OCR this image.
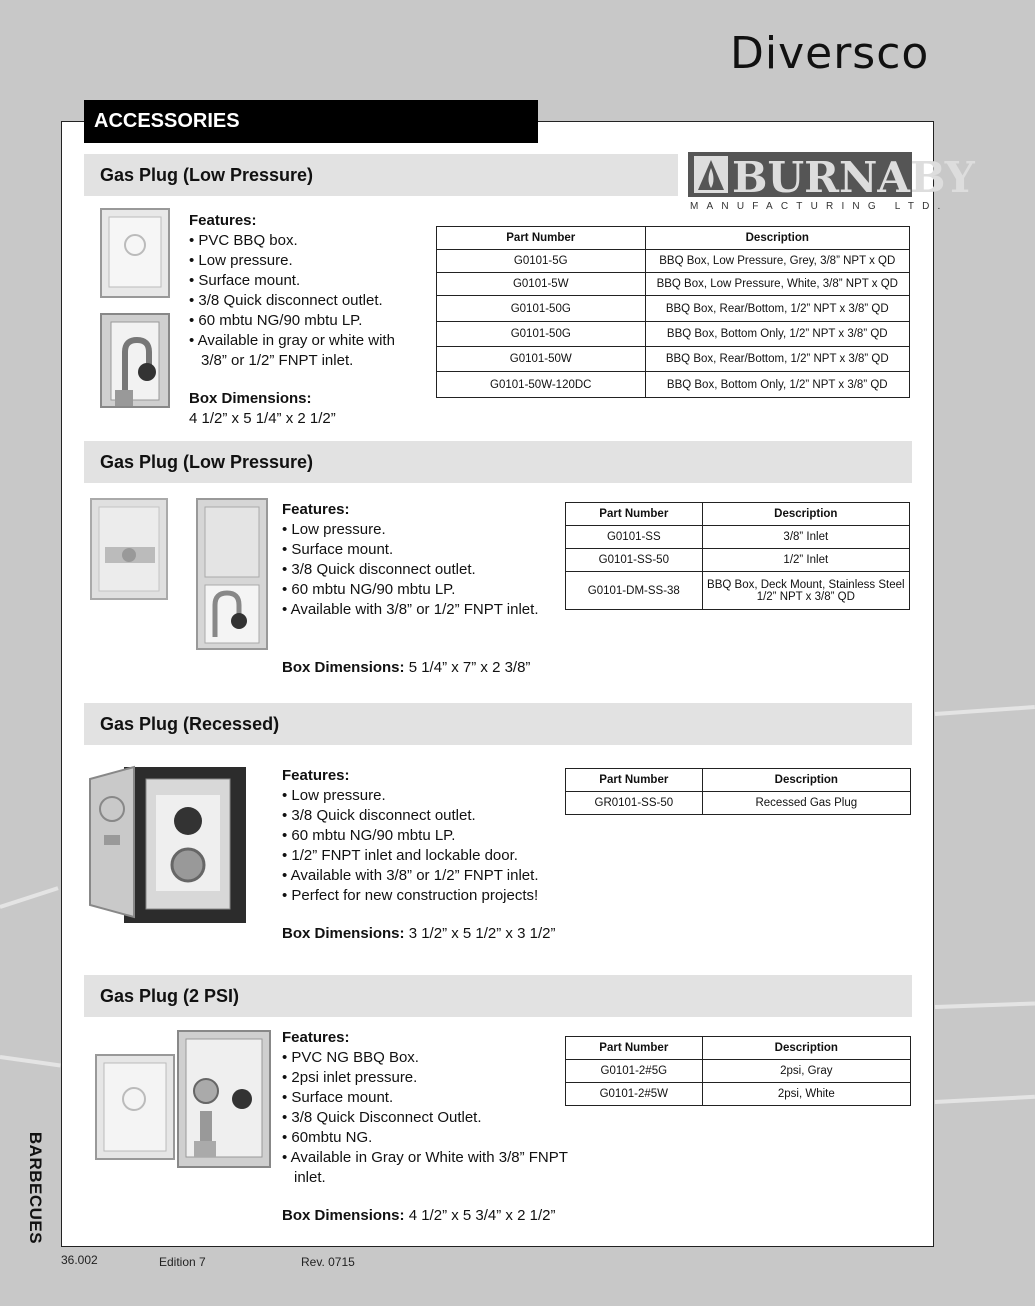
Diversco
ACCESSORIES
BURNABY
MANUFACTURING LTD.
Gas Plug (Low Pressure)
Features:
• PVC BBQ box.
• Low pressure.
• Surface mount.
• 3/8 Quick disconnect outlet.
• 60 mbtu NG/90 mbtu LP.
• Available in gray or white with 3/8” or 1/2” FNPT inlet.
Box Dimensions:
4 1/2” x 5 1/4” x 2 1/2”
Part Number	Description
G0101-5G	BBQ Box, Low Pressure, Grey, 3/8” NPT x QD
G0101-5W	BBQ Box, Low Pressure, White, 3/8” NPT x QD
G0101-50G	BBQ Box, Rear/Bottom, 1/2” NPT x 3/8” QD
G0101-50G	BBQ Box, Bottom Only, 1/2” NPT x 3/8” QD
G0101-50W	BBQ Box, Rear/Bottom, 1/2” NPT x 3/8” QD
G0101-50W-120DC	BBQ Box, Bottom Only, 1/2” NPT x 3/8” QD
Gas Plug (Low Pressure)
Features:
• Low pressure.
• Surface mount.
• 3/8 Quick disconnect outlet.
• 60 mbtu NG/90 mbtu LP.
• Available with 3/8” or 1/2” FNPT inlet.
Box Dimensions: 5 1/4” x 7” x 2 3/8”
Part Number	Description
G0101-SS	3/8” Inlet
G0101-SS-50	1/2” Inlet
G0101-DM-SS-38	BBQ Box, Deck Mount, Stainless Steel 1/2” NPT x 3/8” QD
Gas Plug (Recessed)
Features:
• Low pressure.
• 3/8 Quick disconnect outlet.
• 60 mbtu NG/90 mbtu LP.
• 1/2” FNPT inlet and lockable door.
• Available with 3/8” or 1/2” FNPT inlet.
• Perfect for new construction projects!
Box Dimensions: 3 1/2” x 5 1/2” x 3 1/2”
Part Number	Description
GR0101-SS-50	Recessed Gas Plug
Gas Plug (2 PSI)
Features:
• PVC NG BBQ Box.
• 2psi inlet pressure.
• Surface mount.
• 3/8 Quick Disconnect Outlet.
• 60mbtu NG.
• Available in Gray or White with 3/8” FNPT inlet.
Box Dimensions: 4 1/2” x 5 3/4” x 2 1/2”
Part Number	Description
G0101-2#5G	2psi, Gray
G0101-2#5W	2psi, White
BARBECUES
36.002	Edition 7	Rev. 0715
